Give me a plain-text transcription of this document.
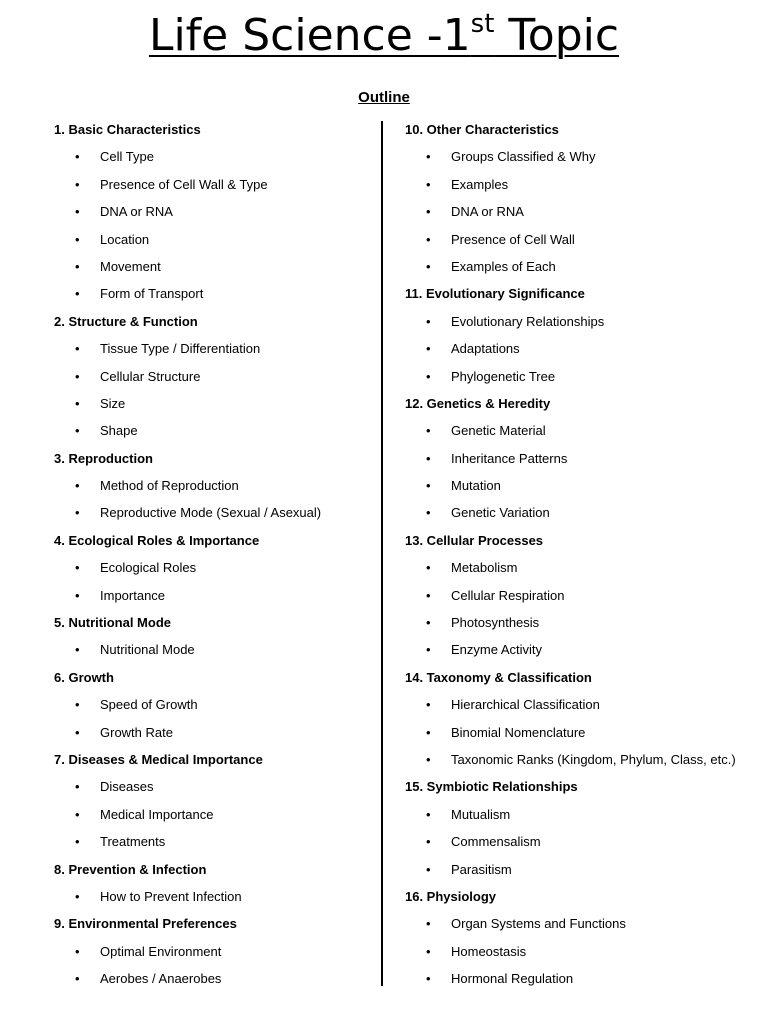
Life Science -1st Topic
Outline
1. Basic Characteristics
• Cell Type
• Presence of Cell Wall & Type
• DNA or RNA
• Location
• Movement
• Form of Transport
2. Structure & Function
• Tissue Type / Differentiation
• Cellular Structure
• Size
• Shape
3. Reproduction
• Method of Reproduction
• Reproductive Mode (Sexual / Asexual)
4. Ecological Roles & Importance
• Ecological Roles
• Importance
5. Nutritional Mode
• Nutritional Mode
6. Growth
• Speed of Growth
• Growth Rate
7. Diseases & Medical Importance
• Diseases
• Medical Importance
• Treatments
8. Prevention & Infection
• How to Prevent Infection
9. Environmental Preferences
• Optimal Environment
• Aerobes / Anaerobes
10. Other Characteristics
• Groups Classified & Why
• Examples
• DNA or RNA
• Presence of Cell Wall
• Examples of Each
11. Evolutionary Significance
• Evolutionary Relationships
• Adaptations
• Phylogenetic Tree
12. Genetics & Heredity
• Genetic Material
• Inheritance Patterns
• Mutation
• Genetic Variation
13. Cellular Processes
• Metabolism
• Cellular Respiration
• Photosynthesis
• Enzyme Activity
14. Taxonomy & Classification
• Hierarchical Classification
• Binomial Nomenclature
• Taxonomic Ranks (Kingdom, Phylum, Class, etc.)
15. Symbiotic Relationships
• Mutualism
• Commensalism
• Parasitism
16. Physiology
• Organ Systems and Functions
• Homeostasis
• Hormonal Regulation
